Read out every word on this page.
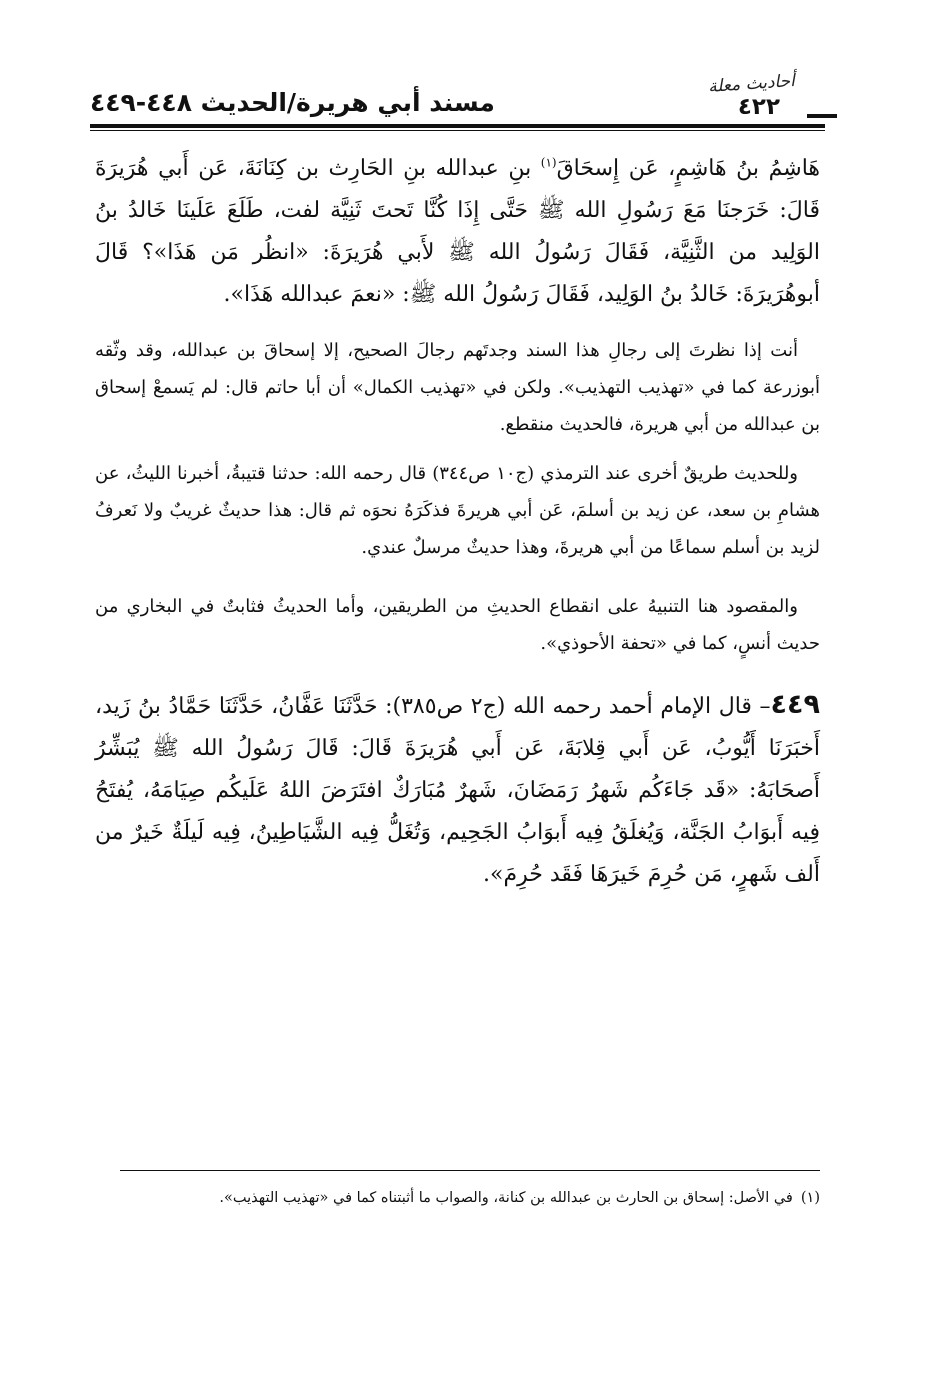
مسند أبي هريرة/الحديث ٤٤٨-٤٤٩
أحاديث معلة
٤٢٢

هَاشِمُ بنُ هَاشِمٍ، عَن إِسحَاقَ$^{(١)}$ بنِ عبدالله بنِ الحَارِث بن كِنَانَةَ، عَن أَبي هُرَيرَةَ قَالَ: خَرَجنَا مَعَ رَسُولِ الله ﷺ حَتَّى إِذَا كُنَّا تَحتَ ثَنِيَّة لفت، طَلَعَ عَلَينَا خَالدُ بنُ الوَلِيد من الثَّنِيَّة، فَقَالَ رَسُولُ الله ﷺ لأَبي هُرَيرَةَ: «انظُر مَن هَذَا»؟ قَالَ أبوهُرَيرَةَ: خَالدُ بنُ الوَلِيد، فَقَالَ رَسُولُ الله ﷺ: «نعمَ عبدالله هَذَا».

أنت إذا نظرتَ إلى رجالِ هذا السند وجدتَهم رجالَ الصحيح، إلا إسحاقَ بن عبدالله، وقد وثّقه أبوزرعة كما في «تهذيب التهذيب». ولكن في «تهذيب الكمال» أن أبا حاتم قال: لم يَسمعْ إسحاق بن عبدالله من أبي هريرة، فالحديث منقطع.

وللحديث طريقٌ أخرى عند الترمذي (ج١٠ ص٣٤٤) قال رحمه الله: حدثنا قتيبةُ، أخبرنا الليثُ، عن هشامِ بن سعد، عن زيد بن أسلمَ، عَن أبي هريرةَ فذكَرَهُ نحوَه ثم قال: هذا حديثٌ غريبٌ ولا نَعرفُ لزيد بن أسلم سماعًا من أبي هريرةَ، وهذا حديثٌ مرسلٌ عندي.

والمقصود هنا التنبيهُ على انقطاع الحديثِ من الطريقين، وأما الحديثُ فثابتٌ في البخاري من حديث أنسٍ، كما في «تحفة الأحوذي».

٤٤٩– قال الإمام أحمد رحمه الله (ج٢ ص٣٨٥): حَدَّثَنَا عَفَّانُ، حَدَّثَنَا حَمَّادُ بنُ زَيد، أَخبَرَنَا أَيُّوبُ، عَن أَبي قِلابَةَ، عَن أَبي هُرَيرَةَ قَالَ: قَالَ رَسُولُ الله ﷺ يُبَشِّرُ أَصحَابَهُ: «قَد جَاءَكُم شَهرُ رَمَضَانَ، شَهرٌ مُبَارَكٌ افتَرَضَ اللهُ عَلَيكُم صِيَامَهُ، يُفتَحُ فِيه أَبوَابُ الجَنَّة، وَيُغلَقُ فِيه أَبوَابُ الجَحِيم، وَتُغَلُّ فِيه الشَّيَاطِينُ، فِيه لَيلَةٌ خَيرٌ من أَلف شَهرٍ، مَن حُرِمَ خَيرَهَا فَقَد حُرِمَ».

(١)في الأصل: إسحاق بن الحارث بن عبدالله بن كنانة، والصواب ما أثبتناه كما في «تهذيب التهذيب».
